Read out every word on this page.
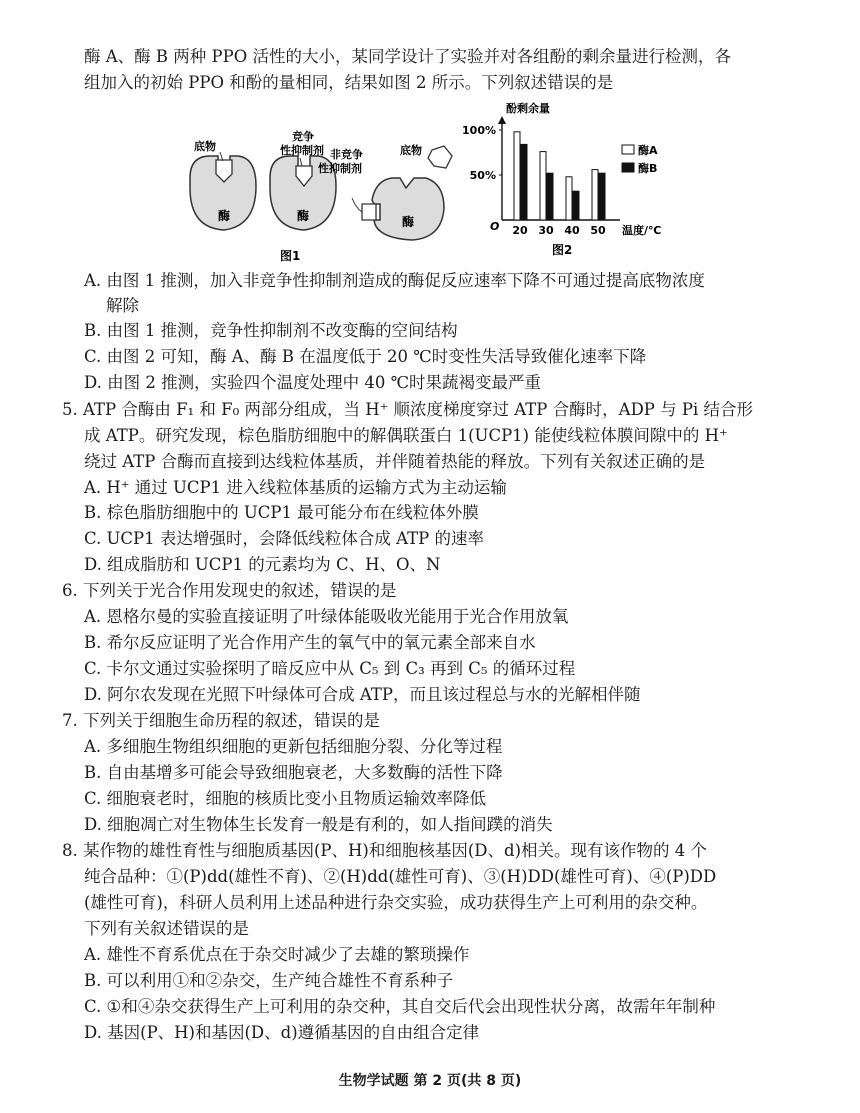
酶 A、酶 B 两种 PPO 活性的大小，某同学设计了实验并对各组酚的剩余量进行检测，各
组加入的初始 PPO 和酚的量相同，结果如图 2 所示。下列叙述错误的是
酶
底物
酶
竞争
性抑制剂
酶
非竞争
性抑制剂
底物
图1
酚剩余量
100%
50%
O 20 30 40 50 温度/℃
酶A
酶B
图2
A. 由图 1 推测，加入非竞争性抑制剂造成的酶促反应速率下降不可通过提高底物浓度
解除
B. 由图 1 推测，竞争性抑制剂不改变酶的空间结构
C. 由图 2 可知，酶 A、酶 B 在温度低于 20 ℃时变性失活导致催化速率下降
D. 由图 2 推测，实验四个温度处理中 40 ℃时果蔬褐变最严重
5. ATP 合酶由 F₁ 和 F₀ 两部分组成，当 H⁺ 顺浓度梯度穿过 ATP 合酶时，ADP 与 Pi 结合形
成 ATP。研究发现，棕色脂肪细胞中的解偶联蛋白 1(UCP1) 能使线粒体膜间隙中的 H⁺
绕过 ATP 合酶而直接到达线粒体基质，并伴随着热能的释放。下列有关叙述正确的是
A. H⁺ 通过 UCP1 进入线粒体基质的运输方式为主动运输
B. 棕色脂肪细胞中的 UCP1 最可能分布在线粒体外膜
C. UCP1 表达增强时，会降低线粒体合成 ATP 的速率
D. 组成脂肪和 UCP1 的元素均为 C、H、O、N
6. 下列关于光合作用发现史的叙述，错误的是
A. 恩格尔曼的实验直接证明了叶绿体能吸收光能用于光合作用放氧
B. 希尔反应证明了光合作用产生的氧气中的氧元素全部来自水
C. 卡尔文通过实验探明了暗反应中从 C₅ 到 C₃ 再到 C₅ 的循环过程
D. 阿尔农发现在光照下叶绿体可合成 ATP，而且该过程总与水的光解相伴随
7. 下列关于细胞生命历程的叙述，错误的是
A. 多细胞生物组织细胞的更新包括细胞分裂、分化等过程
B. 自由基增多可能会导致细胞衰老，大多数酶的活性下降
C. 细胞衰老时，细胞的核质比变小且物质运输效率降低
D. 细胞凋亡对生物体生长发育一般是有利的，如人指间蹼的消失
8. 某作物的雄性育性与细胞质基因(P、H)和细胞核基因(D、d)相关。现有该作物的 4 个
纯合品种：①(P)dd(雄性不育)、②(H)dd(雄性可育)、③(H)DD(雄性可育)、④(P)DD
(雄性可育)，科研人员利用上述品种进行杂交实验，成功获得生产上可利用的杂交种。
下列有关叙述错误的是
A. 雄性不育系优点在于杂交时减少了去雄的繁琐操作
B. 可以利用①和②杂交，生产纯合雄性不育系种子
C. ①和④杂交获得生产上可利用的杂交种，其自交后代会出现性状分离，故需年年制种
D. 基因(P、H)和基因(D、d)遵循基因的自由组合定律
生物学试题 第 2 页(共 8 页)
